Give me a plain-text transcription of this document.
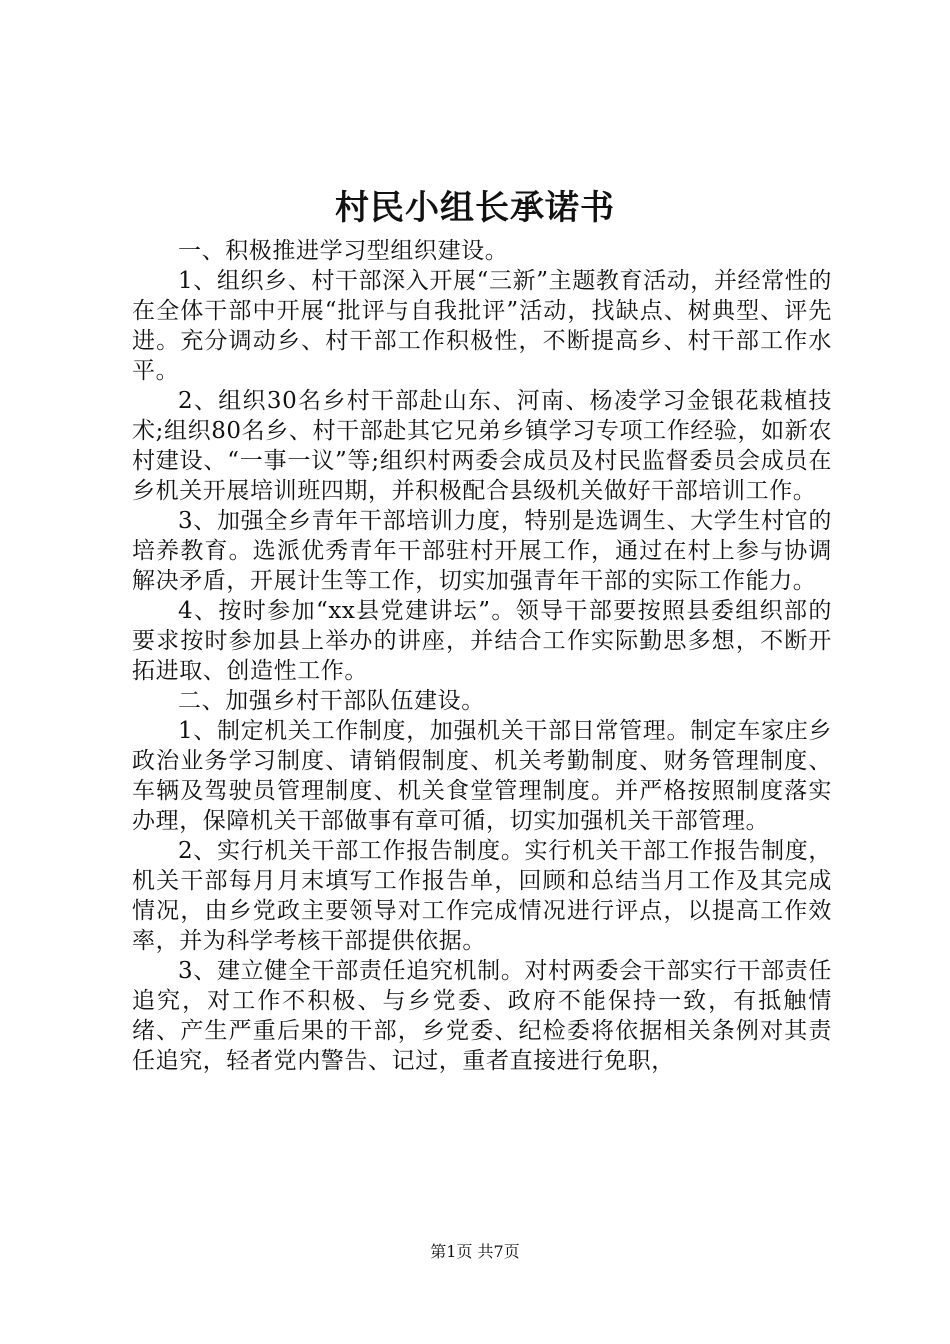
村民小组长承诺书

一、积极推进学习型组织建设。

1、组织乡、村干部深入开展“三新”主题教育活动，并经常性的在全体干部中开展“批评与自我批评”活动，找缺点、树典型、评先进。充分调动乡、村干部工作积极性，不断提高乡、村干部工作水平。

2、组织30名乡村干部赴山东、河南、杨凌学习金银花栽植技术;组织80名乡、村干部赴其它兄弟乡镇学习专项工作经验，如新农村建设、“一事一议”等;组织村两委会成员及村民监督委员会成员在乡机关开展培训班四期，并积极配合县级机关做好干部培训工作。

3、加强全乡青年干部培训力度，特别是选调生、大学生村官的培养教育。选派优秀青年干部驻村开展工作，通过在村上参与协调解决矛盾，开展计生等工作，切实加强青年干部的实际工作能力。

4、按时参加“xx县党建讲坛”。领导干部要按照县委组织部的要求按时参加县上举办的讲座，并结合工作实际勤思多想，不断开拓进取、创造性工作。

二、加强乡村干部队伍建设。

1、制定机关工作制度，加强机关干部日常管理。制定车家庄乡政治业务学习制度、请销假制度、机关考勤制度、财务管理制度、车辆及驾驶员管理制度、机关食堂管理制度。并严格按照制度落实办理，保障机关干部做事有章可循，切实加强机关干部管理。

2、实行机关干部工作报告制度。实行机关干部工作报告制度，机关干部每月月末填写工作报告单，回顾和总结当月工作及其完成情况，由乡党政主要领导对工作完成情况进行评点，以提高工作效率，并为科学考核干部提供依据。

3、建立健全干部责任追究机制。对村两委会干部实行干部责任追究，对工作不积极、与乡党委、政府不能保持一致，有抵触情绪、产生严重后果的干部，乡党委、纪检委将依据相关条例对其责任追究，轻者党内警告、记过，重者直接进行免职，

第1页 共7页
